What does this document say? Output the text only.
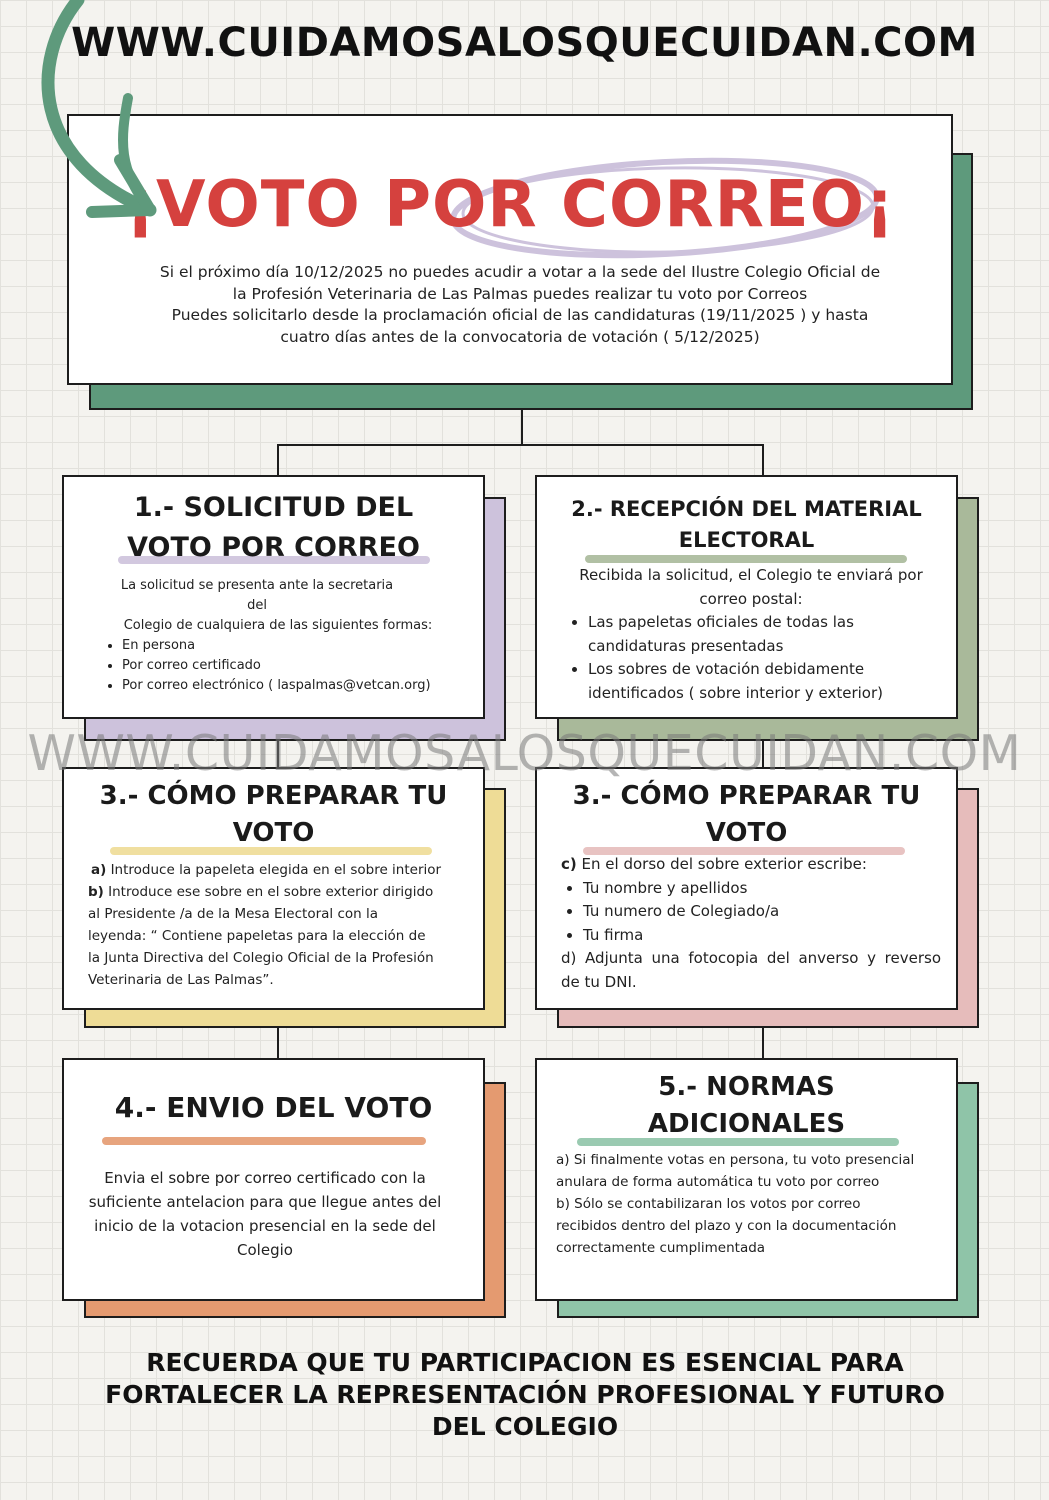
WWW.CUIDAMOSALOSQUECUIDAN.COM
¡VOTO POR CORREO¡
Si el próximo día 10/12/2025 no puedes acudir a votar a la sede del Ilustre Colegio Oficial de
la Profesión Veterinaria de Las Palmas puedes realizar tu voto por Correos
Puedes solicitarlo desde la proclamación oficial de las candidaturas (19/11/2025 ) y hasta
cuatro días antes de la convocatoria de votación ( 5/12/2025)
1.- SOLICITUD DEL
VOTO POR CORREO
La solicitud se presenta ante la secretaria del
Colegio de cualquiera de las siguientes formas:
• En persona
• Por correo certificado
• Por correo electrónico ( laspalmas@vetcan.org)
2.- RECEPCIÓN DEL MATERIAL
ELECTORAL
Recibida la solicitud, el Colegio te enviará por
correo postal:
• Las papeletas oficiales de todas las
candidaturas presentadas
• Los sobres de votación debidamente
identificados ( sobre interior y exterior)
3.- CÓMO PREPARAR TU
VOTO
a) Introduce la papeleta elegida en el sobre interior
b) Introduce ese sobre en el sobre exterior dirigido
al Presidente /a de la Mesa Electoral con la
leyenda: “ Contiene papeletas para la elección de
la Junta Directiva del Colegio Oficial de la Profesión
Veterinaria de Las Palmas”.
3.- CÓMO PREPARAR TU
VOTO
c) En el dorso del sobre exterior escribe:
• Tu nombre y apellidos
• Tu numero de Colegiado/a
• Tu firma
d) Adjunta una fotocopia del anverso y reverso
de tu DNI.
4.- ENVIO DEL VOTO
Envia el sobre por correo certificado con la
suficiente antelacion para que llegue antes del
inicio de la votacion presencial en la sede del
Colegio
5.- NORMAS
ADICIONALES
a) Si finalmente votas en persona, tu voto presencial
anulara de forma automática tu voto por correo
b) Sólo se contabilizaran los votos por correo
recibidos dentro del plazo y con la documentación
correctamente cumplimentada
WWW.CUIDAMOSALOSQUECUIDAN.COM
RECUERDA QUE TU PARTICIPACION ES ESENCIAL PARA
FORTALECER LA REPRESENTACIÓN PROFESIONAL Y FUTURO
DEL COLEGIO
